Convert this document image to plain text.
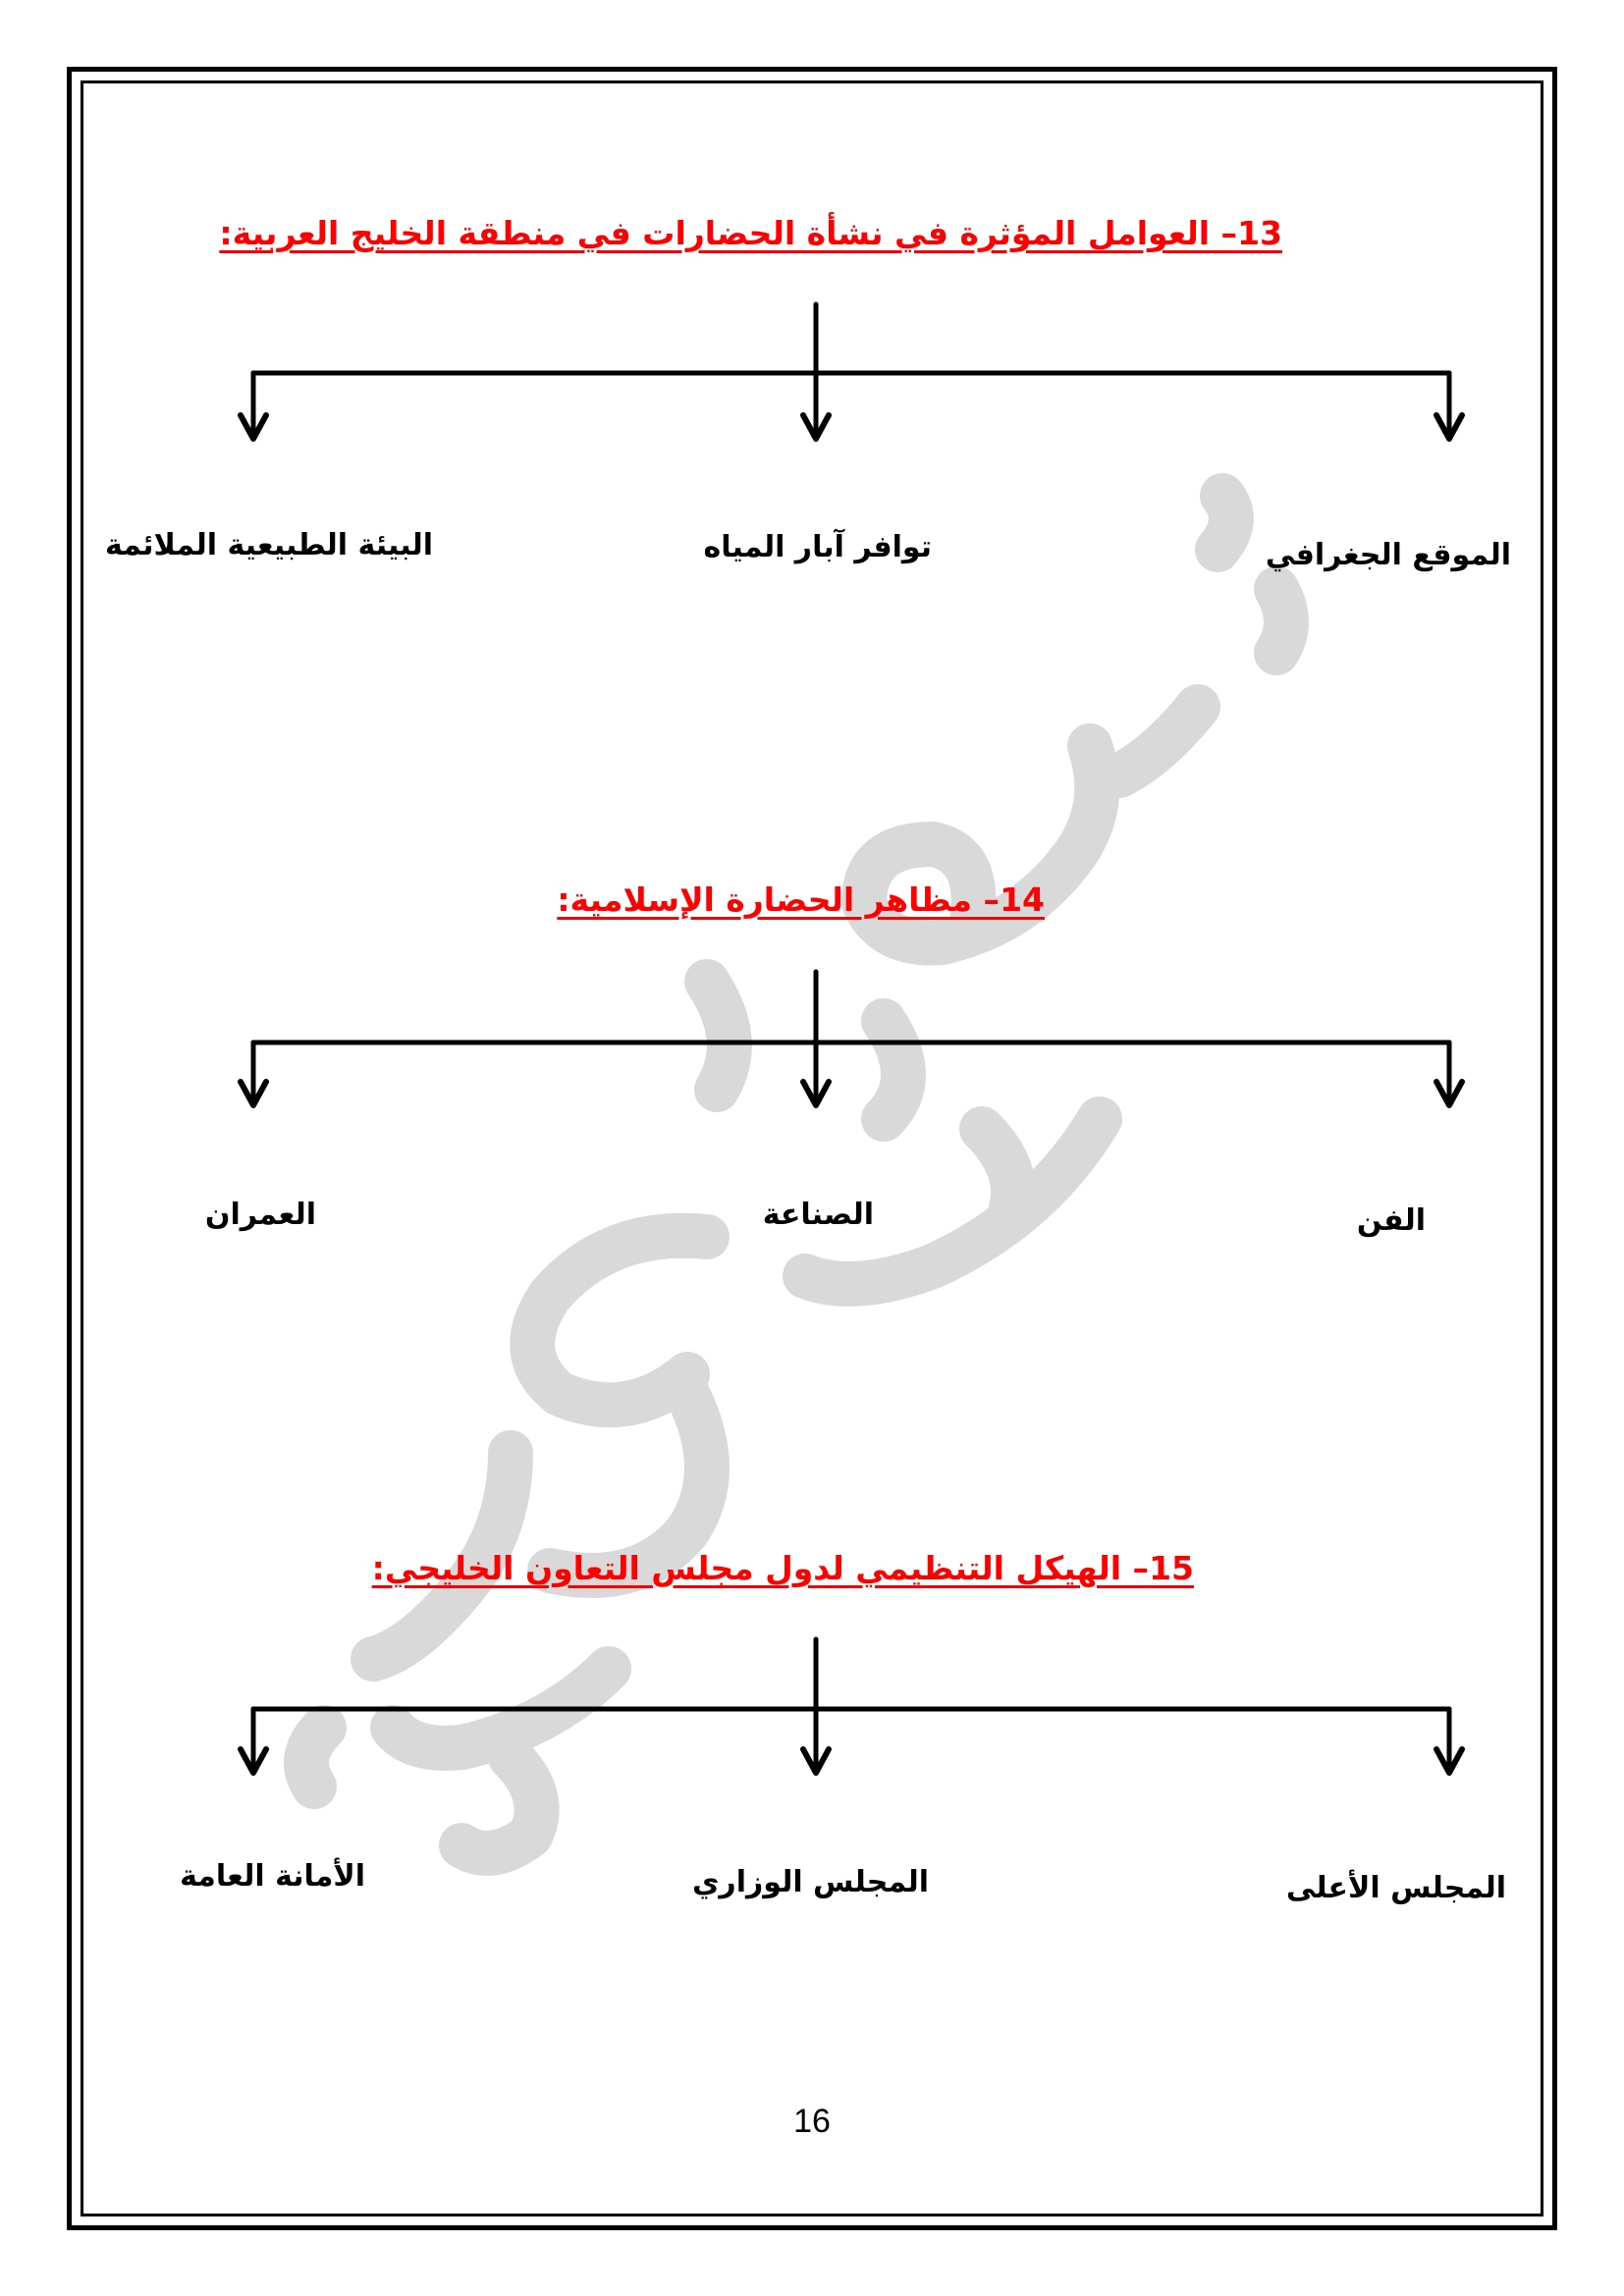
13– العوامل المؤثرة في نشأة الحضارات في منطقة الخليج العربية:
14– مظاهر الحضارة الإسلامية:
15– الهيكل التنظيمي لدول مجلس التعاون الخليجي:
الموقع الجغرافي
توافر آبار المياه
البيئة الطبيعية الملائمة
الفن
الصناعة
العمران
المجلس الأعلى
المجلس الوزاري
الأمانة العامة
16
